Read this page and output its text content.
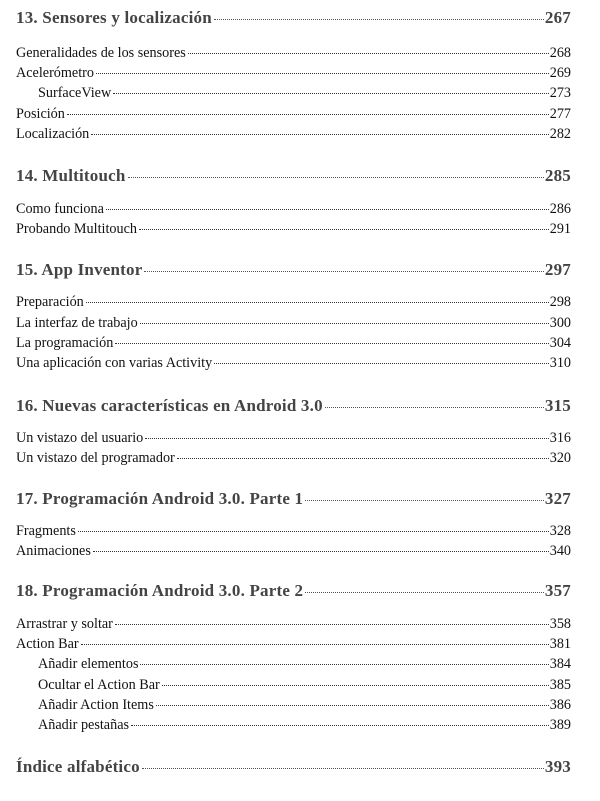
13. Sensores y localización	267
Generalidades de los sensores	268
Acelerómetro	269
SurfaceView	273
Posición	277
Localización	282
14. Multitouch	285
Como funciona	286
Probando Multitouch	291
15. App Inventor	297
Preparación	298
La interfaz de trabajo	300
La programación	304
Una aplicación con varias Activity	310
16. Nuevas características en Android 3.0	315
Un vistazo del usuario	316
Un vistazo del programador	320
17. Programación Android 3.0. Parte 1	327
Fragments	328
Animaciones	340
18. Programación Android 3.0. Parte 2	357
Arrastrar y soltar	358
Action Bar	381
Añadir elementos	384
Ocultar el Action Bar	385
Añadir Action Items	386
Añadir pestañas	389
Índice alfabético	393
